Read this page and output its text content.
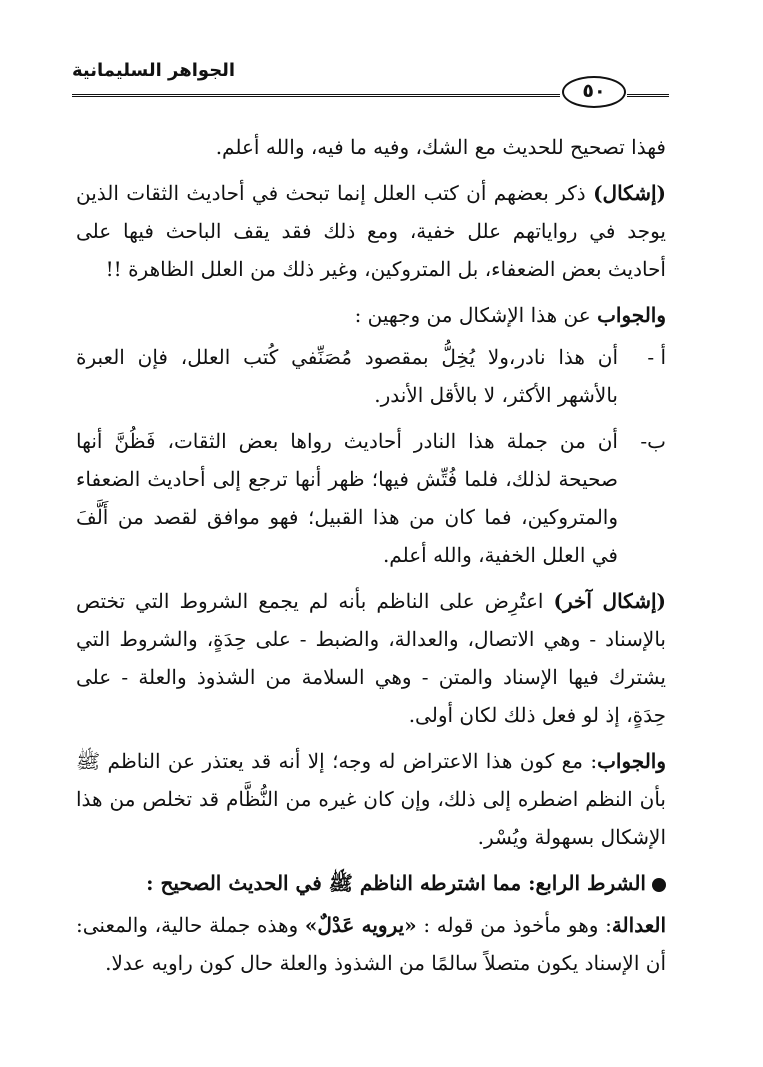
الجواهر السليمانية
٥٠

فهذا تصحيح للحديث مع الشك، وفيه ما فيه، والله أعلم.

(إشكال) ذكر بعضهم أن كتب العلل إنما تبحث في أحاديث الثقات الذين يوجد في رواياتهم علل خفية، ومع ذلك فقد يقف الباحث فيها على أحاديث بعض الضعفاء، بل المتروكين، وغير ذلك من العلل الظاهرة !!

والجواب عن هذا الإشكال من وجهين :

أ -
أن هذا نادر،ولا يُخِلُّ بمقصود مُصَنِّفي كُتب العلل، فإن العبرة بالأشهر الأكثر، لا بالأقل الأندر.
ب-
أن من جملة هذا النادر أحاديث رواها بعض الثقات، فَظُنَّ أنها صحيحة لذلك، فلما فُتِّش فيها؛ ظهر أنها ترجع إلى أحاديث الضعفاء والمتروكين، فما كان من هذا القبيل؛ فهو موافق لقصد من أَلَّفَ في العلل الخفية، والله أعلم.

(إشكال آخر) اعتُرِض على الناظم بأنه لم يجمع الشروط التي تختص بالإسناد - وهي الاتصال، والعدالة، والضبط - على حِدَةٍ، والشروط التي يشترك فيها الإسناد والمتن - وهي السلامة من الشذوذ والعلة - على حِدَةٍ، إذ لو فعل ذلك لكان أولى.

والجواب: مع كون هذا الاعتراض له وجه؛ إلا أنه قد يعتذر عن الناظم ﷺ بأن النظم اضطره إلى ذلك، وإن كان غيره من النُّظَّام قد تخلص من هذا الإشكال بسهولة ويُسْر.

الشرط الرابع: مما اشترطه الناظم ﷺ في الحديث الصحيح :

العدالة: وهو مأخوذ من قوله : «يرويه عَدْلٌ» وهذه جملة حالية، والمعنى: أن الإسناد يكون متصلاً سالمًا من الشذوذ والعلة حال كون راويه عدلا.
